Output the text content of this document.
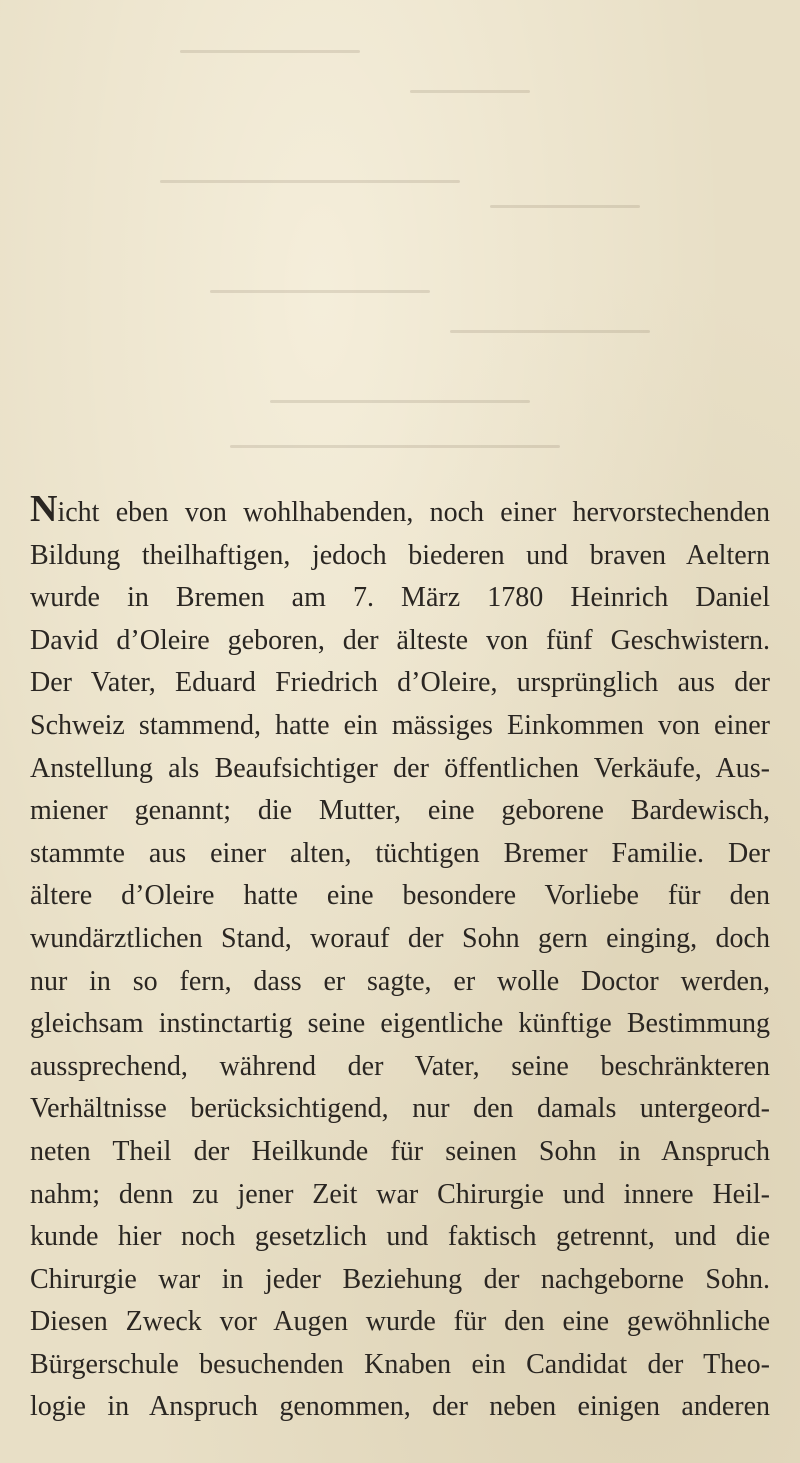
Nicht eben von wohlhabenden, noch einer hervorstechenden
Bildung theilhaftigen, jedoch biederen und braven Aeltern
wurde in Bremen am 7. März 1780 Heinrich Daniel
David d’Oleire geboren, der älteste von fünf Geschwistern.
Der Vater, Eduard Friedrich d’Oleire, ursprünglich aus der
Schweiz stammend, hatte ein mässiges Einkommen von einer
Anstellung als Beaufsichtiger der öffentlichen Verkäufe, Aus-
miener genannt; die Mutter, eine geborene Bardewisch,
stammte aus einer alten, tüchtigen Bremer Familie. Der
ältere d’Oleire hatte eine besondere Vorliebe für den
wundärztlichen Stand, worauf der Sohn gern einging, doch
nur in so fern, dass er sagte, er wolle Doctor werden,
gleichsam instinctartig seine eigentliche künftige Bestimmung
aussprechend, während der Vater, seine beschränkteren
Verhältnisse berücksichtigend, nur den damals untergeord-
neten Theil der Heilkunde für seinen Sohn in Anspruch
nahm; denn zu jener Zeit war Chirurgie und innere Heil-
kunde hier noch gesetzlich und faktisch getrennt, und die
Chirurgie war in jeder Beziehung der nachgeborne Sohn.
Diesen Zweck vor Augen wurde für den eine gewöhnliche
Bürgerschule besuchenden Knaben ein Candidat der Theo-
logie in Anspruch genommen, der neben einigen anderen
